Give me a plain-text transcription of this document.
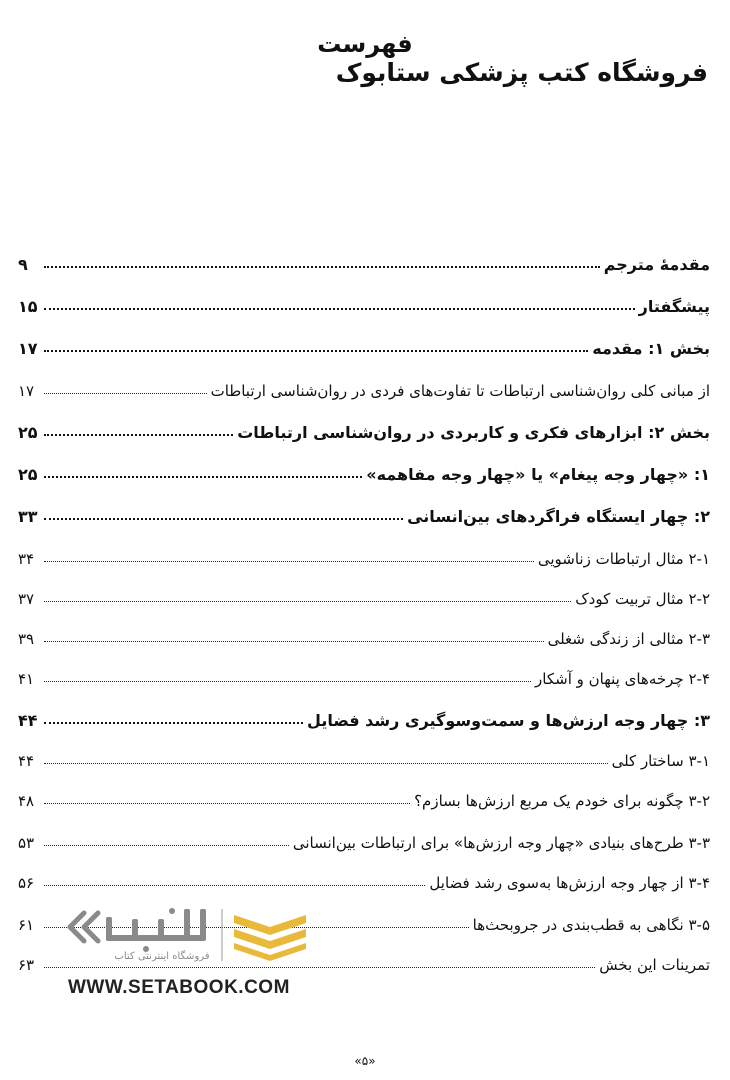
فهرست
فروشگاه کتب پزشکی ستابوک
مقدمۀ مترجم
۹
پیشگفتار
۱۵
بخش ۱: مقدمه
۱۷
از مبانی کلی روان‌شناسی ارتباطات تا تفاوت‌های فردی در روان‌شناسی ارتباطات
۱۷
بخش ۲: ابزارهای فکری و کاربردی در روان‌شناسی ارتباطات
۲۵
۱: «چهار وجه پیغام» یا «چهار وجه مفاهمه»
۲۵
۲: چهار ایستگاه فراگردهای بین‌انسانی
۳۳
۲-۱ مثال ارتباطات زناشویی
۳۴
۲-۲ مثال تربیت کودک
۳۷
۲-۳ مثالی از زندگی شغلی
۳۹
۲-۴ چرخه‌های پنهان و آشکار
۴۱
۳: چهار وجه ارزش‌ها و سمت‌وسوگیری رشد فضایل
۴۴
۳-۱ ساختار کلی
۴۴
۳-۲ چگونه برای خودم یک مربع ارزش‌ها بسازم؟
۴۸
۳-۳ طرح‌های بنیادی «چهار وجه ارزش‌ها» برای ارتباطات بین‌انسانی
۵۳
۳-۴ از چهار وجه ارزش‌ها به‌سوی رشد فضایل
۵۶
۳-۵ نگاهی به قطب‌بندی در جروبحث‌ها
۶۱
تمرینات این بخش
۶۳	فروشگاه اینترنتی کتاب
WWW.SETABOOK.COM
«۵»
